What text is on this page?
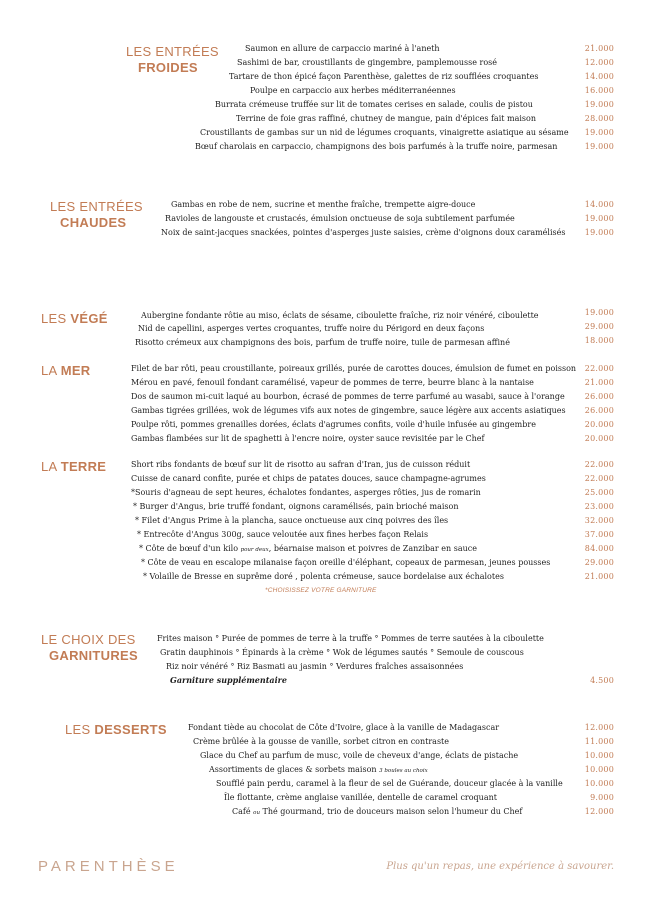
LES ENTRÉES
FROIDES
Saumon en allure de carpaccio mariné à l'aneth	21.000
Sashimi de bar, croustillants de gingembre, pamplemousse rosé	12.000
Tartare de thon épicé façon Parenthèse, galettes de riz soufflées croquantes	14.000
Poulpe en carpaccio aux herbes méditerranéennes	16.000
Burrata crémeuse truffée sur lit de tomates cerises en salade, coulis de pistou	19.000
Terrine de foie gras raffiné, chutney de mangue, pain d'épices fait maison	28.000
Croustillants de gambas sur un nid de légumes croquants, vinaigrette asiatique au sésame	19.000
Bœuf charolais en carpaccio, champignons des bois parfumés à la truffe noire, parmesan	19.000
LES ENTRÉES
CHAUDES
Gambas en robe de nem, sucrine et menthe fraîche, trempette aigre-douce	14.000
Ravioles de langouste et crustacés, émulsion onctueuse de soja subtilement parfumée	19.000
Noix de saint-jacques snackées, pointes d'asperges juste saisies, crème d'oignons doux caramélisés	19.000
LES VÉGÉ	Aubergine fondante rôtie au miso, éclats de sésame, ciboulette fraîche, riz noir vénéré, ciboulette	19.000
Nid de capellini, asperges vertes croquantes, truffe noire du Périgord en deux façons	29.000
Risotto crémeux aux champignons des bois, parfum de truffe noire, tuile de parmesan affiné	18.000
LA MER	Filet de bar rôti, peau croustillante, poireaux grillés, purée de carottes douces, émulsion de fumet en poisson	22.000
Mérou en pavé, fenouil fondant caramélisé, vapeur de pommes de terre, beurre blanc à la nantaise	21.000
Dos de saumon mi-cuit laqué au bourbon, écrasé de pommes de terre parfumé au wasabi, sauce à l'orange	26.000
Gambas tigrées grillées, wok de légumes vifs aux notes de gingembre, sauce légère aux accents asiatiques	26.000
Poulpe rôti, pommes grenailles dorées, éclats d'agrumes confits, voile d'huile infusée au gingembre	20.000
Gambas flambées sur lit de spaghetti à l'encre noire, oyster sauce revisitée par le Chef	20.000
LA TERRE	Short ribs fondants de bœuf sur lit de risotto au safran d'Iran, jus de cuisson réduit	22.000
Cuisse de canard confite, purée et chips de patates douces, sauce champagne-agrumes	22.000
*Souris d'agneau de sept heures, échalotes fondantes, asperges rôties, jus de romarin	25.000
* Burger d'Angus, brie truffé fondant, oignons caramélisés, pain brioché maison	23.000
* Filet d'Angus Prime à la plancha, sauce onctueuse aux cinq poivres des îles	32.000
* Entrecôte d'Angus 300g, sauce veloutée aux fines herbes façon Relais	37.000
* Côte de bœuf d'un kilo pour deux, béarnaise maison et poivres de Zanzibar en sauce	84.000
* Côte de veau en escalope milanaise façon oreille d'éléphant, copeaux de parmesan, jeunes pousses	29.000
* Volaille de Bresse en suprême doré , polenta crémeuse, sauce bordelaise aux échalotes	21.000
*CHOISISSEZ VOTRE GARNITURE
LE CHOIX DES
GARNITURES
Frites maison ° Purée de pommes de terre à la truffe ° Pommes de terre sautées à la ciboulette
Gratin dauphinois ° Épinards à la crème ° Wok de légumes sautés ° Semoule de couscous
Riz noir vénéré ° Riz Basmati au jasmin ° Verdures fraîches assaisonnées
Garniture supplémentaire	4.500
LES DESSERTS	Fondant tiède au chocolat de Côte d'Ivoire, glace à la vanille de Madagascar	12.000
Crème brûlée à la gousse de vanille, sorbet citron en contraste	11.000
Glace du Chef au parfum de musc, voile de cheveux d'ange, éclats de pistache	10.000
Assortiments de glaces & sorbets maison 3 boules au choix	10.000
Soufflé pain perdu, caramel à la fleur de sel de Guérande, douceur glacée à la vanille	10.000
Île flottante, crème anglaise vanillée, dentelle de caramel croquant	9.000
Café ou Thé gourmand, trio de douceurs maison selon l'humeur du Chef	12.000
PARENTHÈSE	Plus qu'un repas, une expérience à savourer.
